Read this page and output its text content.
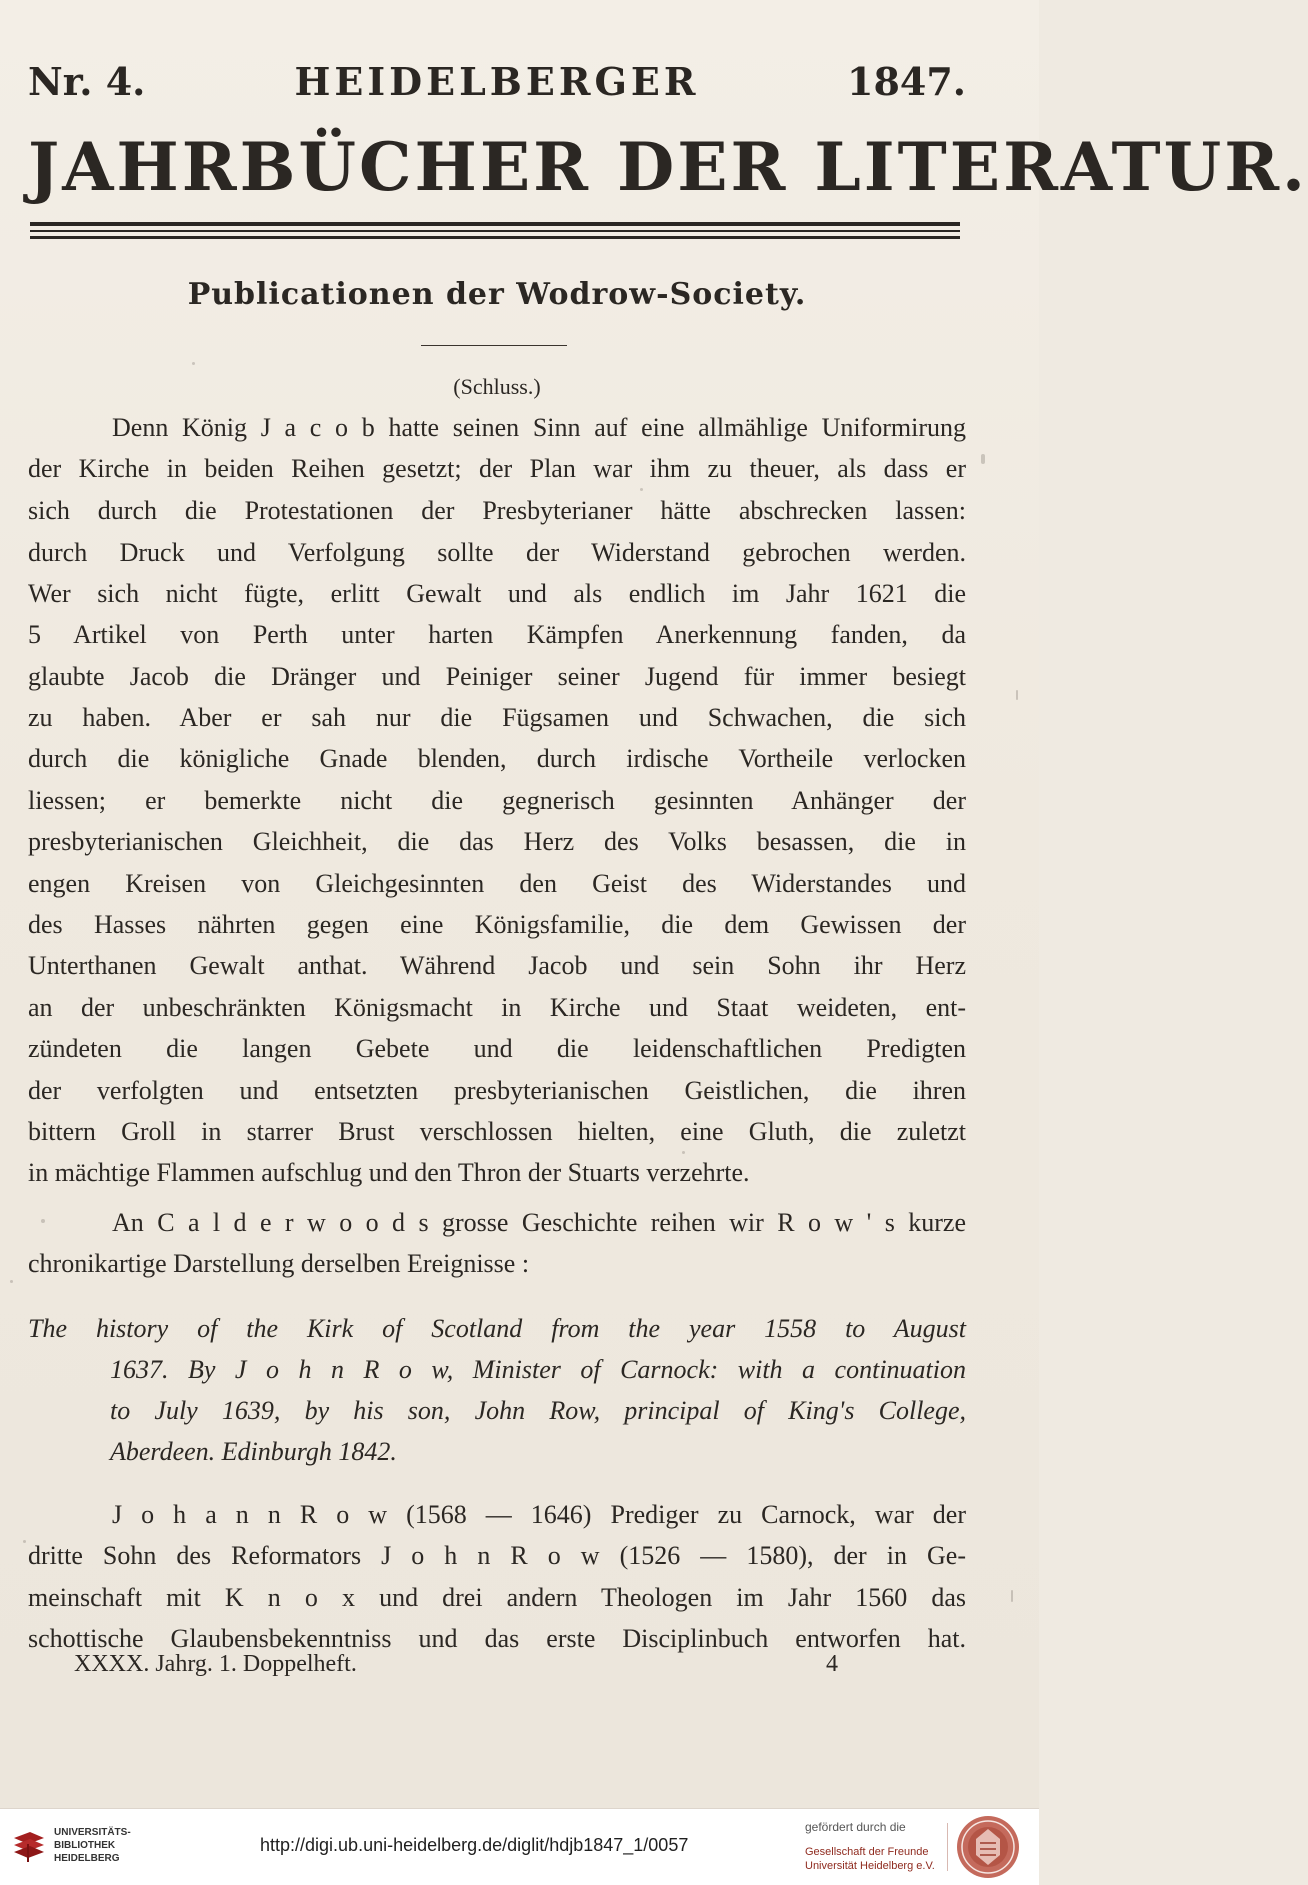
Nr. 4.	HEIDELBERGER	1847.
JAHRBÜCHER DER LITERATUR.
Publicationen der Wodrow-Society.
(Schluss.)
Denn König J a c o b hatte seinen Sinn auf eine allmählige Uniformirung
der Kirche in beiden Reihen gesetzt; der Plan war ihm zu theuer, als dass er
sich durch die Protestationen der Presbyterianer hätte abschrecken lassen:
durch Druck und Verfolgung sollte der Widerstand gebrochen werden.
Wer sich nicht fügte, erlitt Gewalt und als endlich im Jahr 1621 die
5 Artikel von Perth unter harten Kämpfen Anerkennung fanden, da
glaubte Jacob die Dränger und Peiniger seiner Jugend für immer besiegt
zu haben. Aber er sah nur die Fügsamen und Schwachen, die sich
durch die königliche Gnade blenden, durch irdische Vortheile verlocken
liessen; er bemerkte nicht die gegnerisch gesinnten Anhänger der
presbyterianischen Gleichheit, die das Herz des Volks besassen, die in
engen Kreisen von Gleichgesinnten den Geist des Widerstandes und
des Hasses nährten gegen eine Königsfamilie, die dem Gewissen der
Unterthanen Gewalt anthat. Während Jacob und sein Sohn ihr Herz
an der unbeschränkten Königsmacht in Kirche und Staat weideten, ent-
zündeten die langen Gebete und die leidenschaftlichen Predigten
der verfolgten und entsetzten presbyterianischen Geistlichen, die ihren
bittern Groll in starrer Brust verschlossen hielten, eine Gluth, die zuletzt
in mächtige Flammen aufschlug und den Thron der Stuarts verzehrte.
An C a l d e r w o o d s grosse Geschichte reihen wir R o w ' s kurze
chronikartige Darstellung derselben Ereignisse :
The history of the Kirk of Scotland from the year 1558 to August
1637. By J o h n R o w, Minister of Carnock: with a continuation
to July 1639, by his son, John Row, principal of King's College,
Aberdeen. Edinburgh 1842.
J o h a n n R o w (1568 — 1646) Prediger zu Carnock, war der
dritte Sohn des Reformators J o h n R o w (1526 — 1580), der in Ge-
meinschaft mit K n o x und drei andern Theologen im Jahr 1560 das
schottische Glaubensbekenntniss und das erste Disciplinbuch entworfen hat.
XXXX. Jahrg. 1. Doppelheft.	4
UNIVERSITÄTS-
BIBLIOTHEK
HEIDELBERG
http://digi.ub.uni-heidelberg.de/diglit/hdjb1847_1/0057
gefördert durch die
Gesellschaft der Freunde
Universität Heidelberg e.V.
